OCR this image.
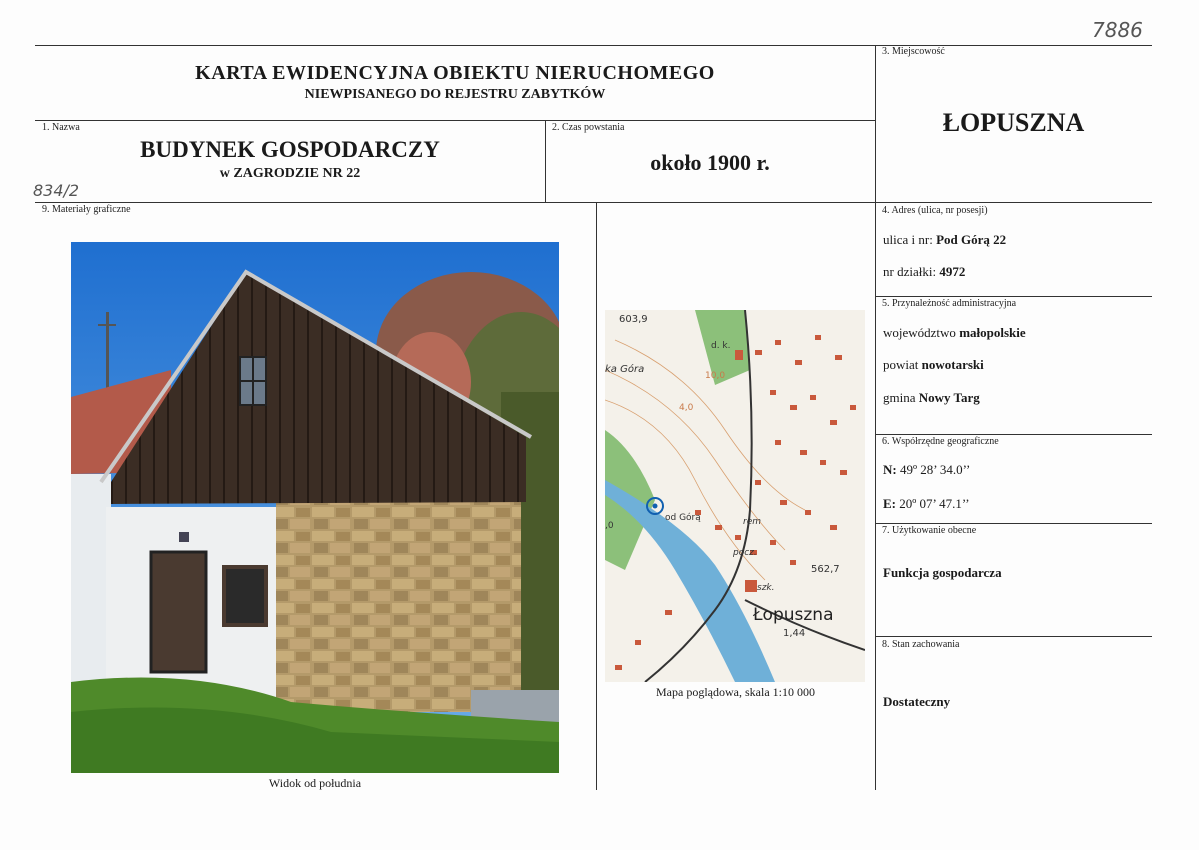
7886
KARTA EWIDENCYJNA OBIEKTU NIERUCHOMEGO
NIEWPISANEGO DO REJESTRU ZABYTKÓW
3. Miejscowość
ŁOPUSZNA
1. Nazwa
BUDYNEK GOSPODARCZY
w ZAGRODZIE NR 22
2. Czas powstania
około 1900 r.
834/2
9. Materiały graficzne
Widok od południa
603,9
ka Góra
d. k.
10,0
4,0
od Górą	rem
pocz.
562,7
szk.
Łopuszna
1,44
,0
Mapa poglądowa, skala 1:10 000
4. Adres (ulica, nr posesji)
ulica i nr: Pod Górą 22
nr działki: 4972
5. Przynależność administracyjna
województwo małopolskie
powiat nowotarski
gmina Nowy Targ
6. Współrzędne geograficzne
N: 49º 28’ 34.0’’
E: 20º 07’ 47.1’’
7. Użytkowanie obecne
Funkcja gospodarcza
8. Stan zachowania
Dostateczny
